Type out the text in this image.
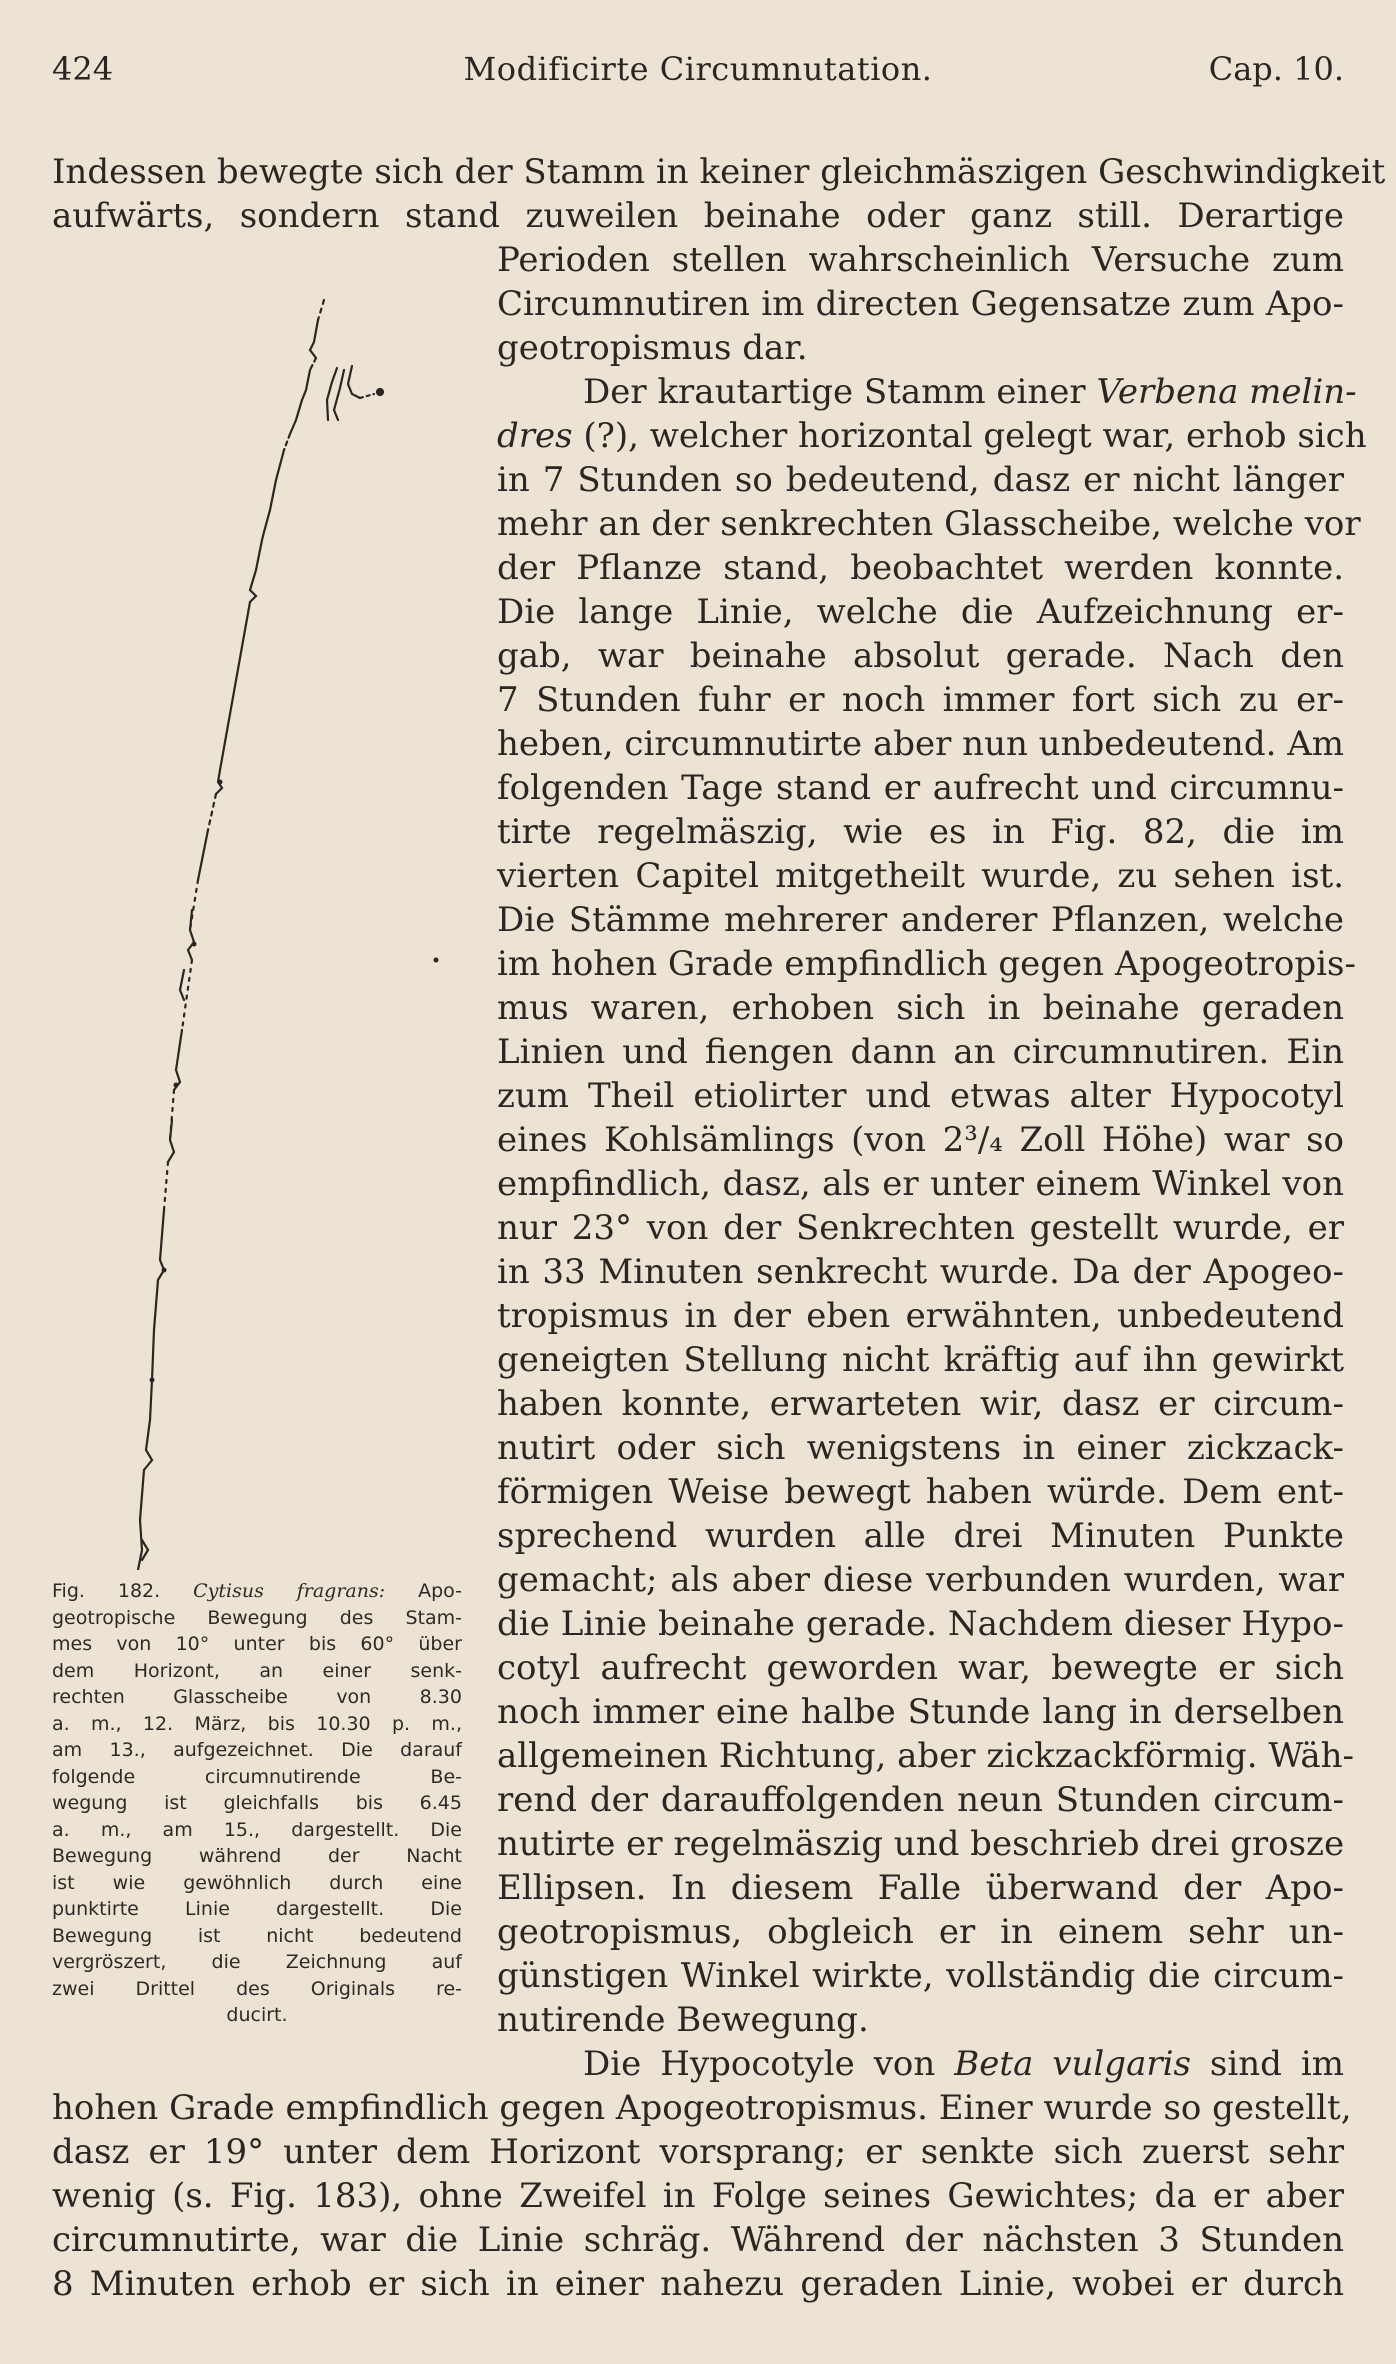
424	Modificirte Circumnutation.	Cap. 10.
Indessen bewegte sich der Stamm in keiner gleichmäszigen Geschwindigkeit
aufwärts, sondern stand zuweilen beinahe oder ganz still. Derartige
Perioden stellen wahrscheinlich Versuche zum
Circumnutiren im directen Gegensatze zum Apo-
geotropismus dar.
Der krautartige Stamm einer Verbena melin-
dres (?), welcher horizontal gelegt war, erhob sich
in 7 Stunden so bedeutend, dasz er nicht länger
mehr an der senkrechten Glasscheibe, welche vor
der Pflanze stand, beobachtet werden konnte.
Die lange Linie, welche die Aufzeichnung er-
gab, war beinahe absolut gerade. Nach den
7 Stunden fuhr er noch immer fort sich zu er-
heben, circumnutirte aber nun unbedeutend. Am
folgenden Tage stand er aufrecht und circumnu-
tirte regelmäszig, wie es in Fig. 82, die im
vierten Capitel mitgetheilt wurde, zu sehen ist.
Die Stämme mehrerer anderer Pflanzen, welche
im hohen Grade empfindlich gegen Apogeotropis-
mus waren, erhoben sich in beinahe geraden
Linien und fiengen dann an circumnutiren. Ein
zum Theil etiolirter und etwas alter Hypocotyl
eines Kohlsämlings (von 2³/₄ Zoll Höhe) war so
empfindlich, dasz, als er unter einem Winkel von
nur 23° von der Senkrechten gestellt wurde, er
in 33 Minuten senkrecht wurde. Da der Apogeo-
tropismus in der eben erwähnten, unbedeutend
geneigten Stellung nicht kräftig auf ihn gewirkt
haben konnte, erwarteten wir, dasz er circum-
nutirt oder sich wenigstens in einer zickzack-
förmigen Weise bewegt haben würde. Dem ent-
sprechend wurden alle drei Minuten Punkte
gemacht; als aber diese verbunden wurden, war
die Linie beinahe gerade. Nachdem dieser Hypo-
cotyl aufrecht geworden war, bewegte er sich
noch immer eine halbe Stunde lang in derselben
allgemeinen Richtung, aber zickzackförmig. Wäh-
rend der darauffolgenden neun Stunden circum-
nutirte er regelmäszig und beschrieb drei grosze
Ellipsen. In diesem Falle überwand der Apo-
geotropismus, obgleich er in einem sehr un-
günstigen Winkel wirkte, vollständig die circum-
nutirende Bewegung.
Die Hypocotyle von Beta vulgaris sind im
hohen Grade empfindlich gegen Apogeotropismus. Einer wurde so gestellt,
dasz er 19° unter dem Horizont vorsprang; er senkte sich zuerst sehr
wenig (s. Fig. 183), ohne Zweifel in Folge seines Gewichtes; da er aber
circumnutirte, war die Linie schräg. Während der nächsten 3 Stunden
8 Minuten erhob er sich in einer nahezu geraden Linie, wobei er durch
Fig. 182. Cytisus fragrans: Apo-
geotropische Bewegung des Stam-
mes von 10° unter bis 60° über
dem Horizont, an einer senk-
rechten Glasscheibe von 8.30
a. m., 12. März, bis 10.30 p. m.,
am 13., aufgezeichnet. Die darauf
folgende circumnutirende Be-
wegung ist gleichfalls bis 6.45
a. m., am 15., dargestellt. Die
Bewegung während der Nacht
ist wie gewöhnlich durch eine
punktirte Linie dargestellt. Die
Bewegung ist nicht bedeutend
vergröszert, die Zeichnung auf
zwei Drittel des Originals re-
ducirt.
